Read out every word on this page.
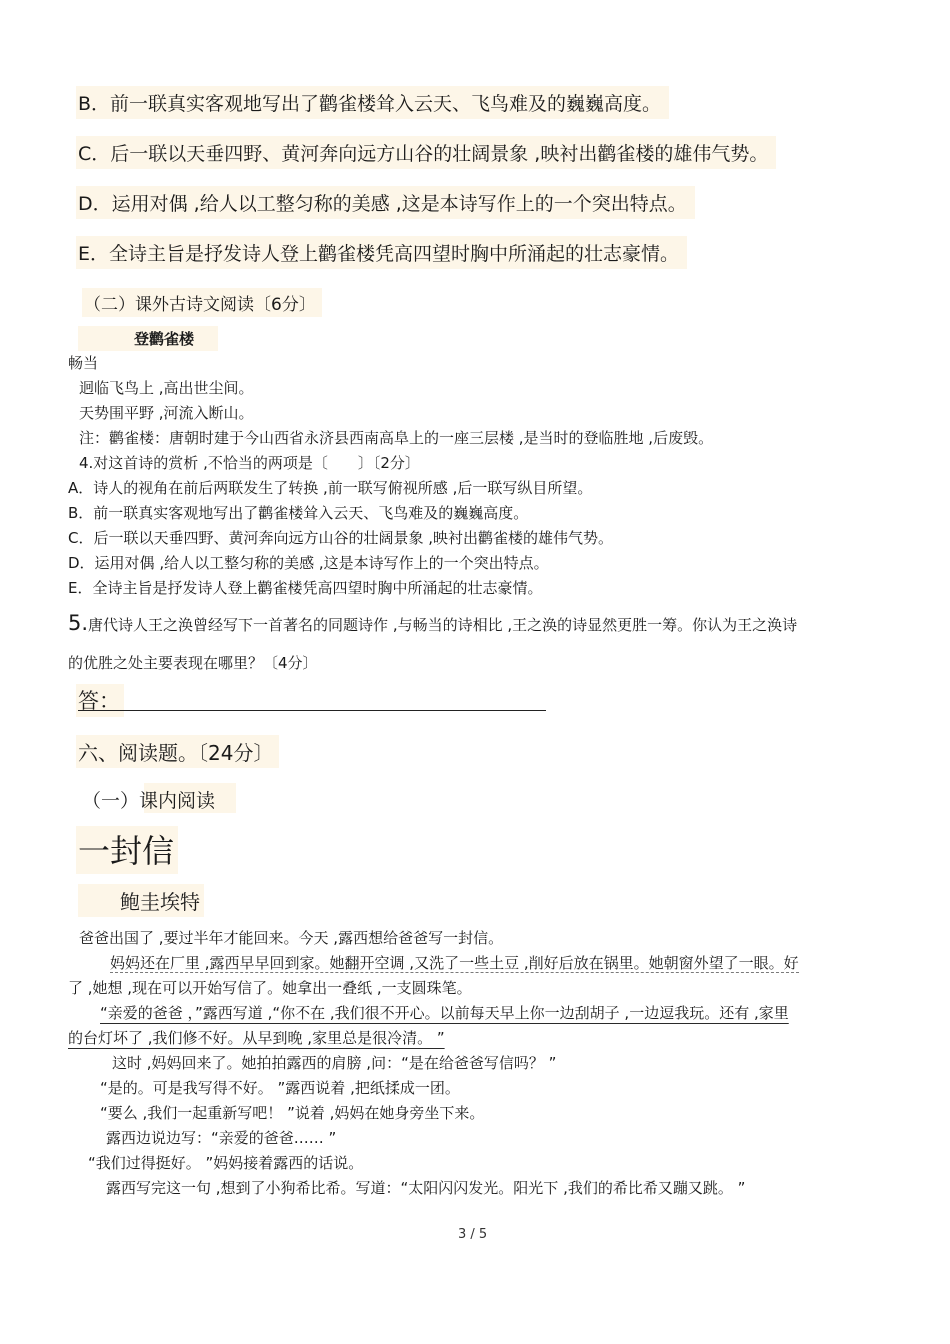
B．前一联真实客观地写出了鹳雀楼耸入云天、飞鸟难及的巍巍高度。
C．后一联以天垂四野、黄河奔向远方山谷的壮阔景象 ,映衬出鹳雀楼的雄伟气势。
D．运用对偶 ,给人以工整匀称的美感 ,这是本诗写作上的一个突出特点。
E．全诗主旨是抒发诗人登上鹳雀楼凭高四望时胸中所涌起的壮志豪情。
（二）课外古诗文阅读〔6分〕
登鹳雀楼
畅当
迥临飞鸟上 ,高出世尘间。
天势围平野 ,河流入断山。
注：鹳雀楼：唐朝时建于今山西省永济县西南高阜上的一座三层楼 ,是当时的登临胜地 ,后废毁。
4.对这首诗的赏析 ,不恰当的两项是〔　　〕〔2分〕
A．诗人的视角在前后两联发生了转换 ,前一联写俯视所感 ,后一联写纵目所望。
B．前一联真实客观地写出了鹳雀楼耸入云天、飞鸟难及的巍巍高度。
C．后一联以天垂四野、黄河奔向远方山谷的壮阔景象 ,映衬出鹳雀楼的雄伟气势。
D．运用对偶 ,给人以工整匀称的美感 ,这是本诗写作上的一个突出特点。
E．全诗主旨是抒发诗人登上鹳雀楼凭高四望时胸中所涌起的壮志豪情。
5.唐代诗人王之涣曾经写下一首著名的同题诗作 ,与畅当的诗相比 ,王之涣的诗显然更胜一筹。你认为王之涣诗
的优胜之处主要表现在哪里？〔4分〕
答：
六、阅读题。〔24分〕
（一）课内阅读
一封信
鲍圭埃特
爸爸出国了 ,要过半年才能回来。今天 ,露西想给爸爸写一封信。
妈妈还在厂里 ,露西早早回到家。她翻开空调 ,又洗了一些土豆 ,削好后放在锅里。她朝窗外望了一眼。好
了 ,她想 ,现在可以开始写信了。她拿出一叠纸 ,一支圆珠笔。
“亲爱的爸爸 ，”露西写道 ,“你不在 ,我们很不开心。以前每天早上你一边刮胡子 ,一边逗我玩。还有 ,家里
的台灯坏了 ,我们修不好。从早到晚 ,家里总是很冷清。 ”
这时 ,妈妈回来了。她拍拍露西的肩膀 ,问：“是在给爸爸写信吗？ ”
“是的。可是我写得不好。 ”露西说着 ,把纸揉成一团。
“要么 ,我们一起重新写吧！ ”说着 ,妈妈在她身旁坐下来。
露西边说边写：“亲爱的爸爸…… ”
“我们过得挺好。 ”妈妈接着露西的话说。
露西写完这一句 ,想到了小狗希比希。写道：“太阳闪闪发光。阳光下 ,我们的希比希又蹦又跳。 ”
3 / 5
